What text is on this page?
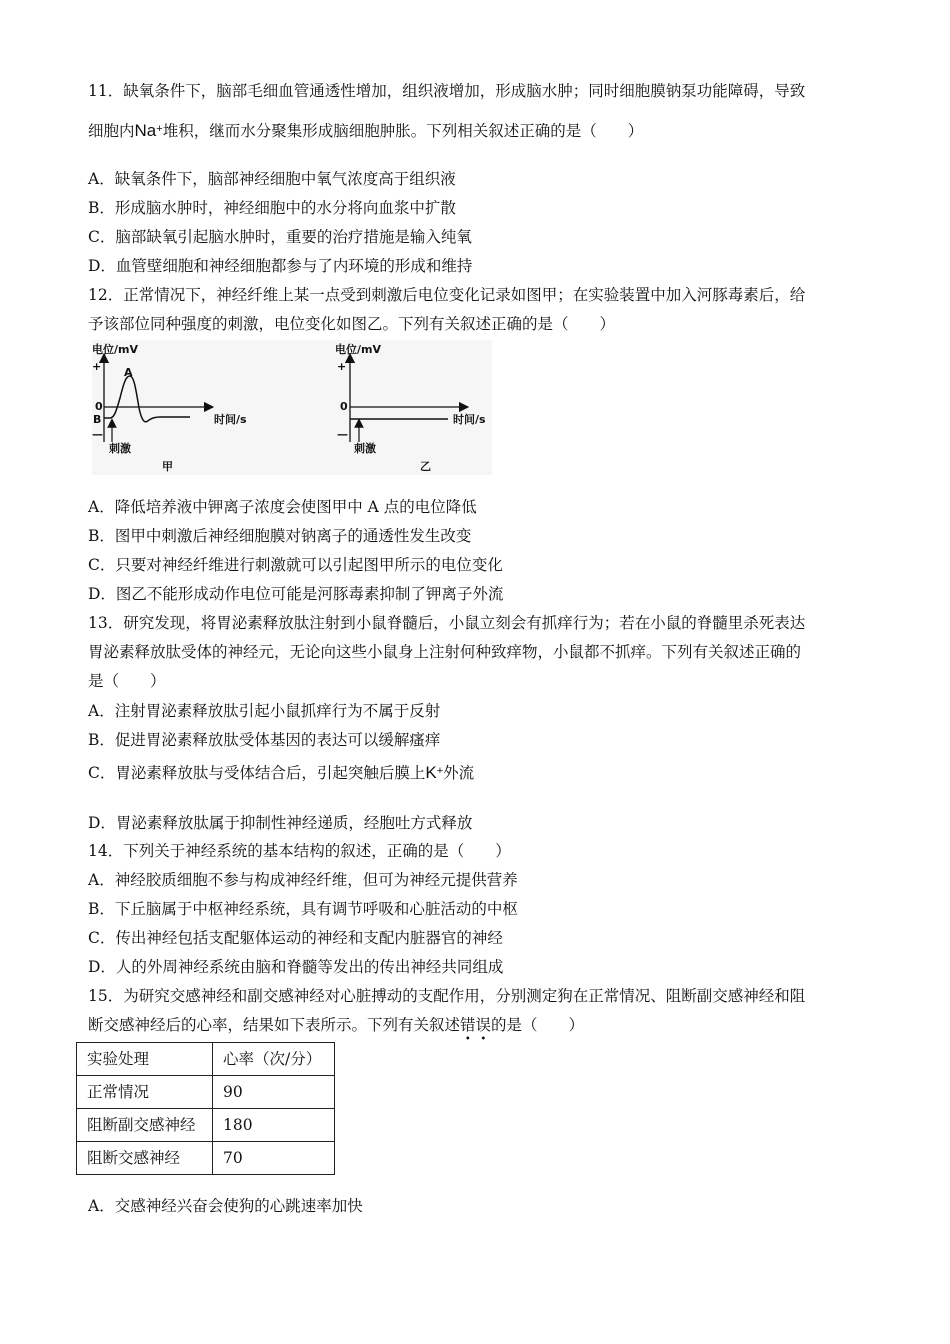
11．缺氧条件下，脑部毛细血管通透性增加，组织液增加，形成脑水肿；同时细胞膜钠泵功能障碍，导致
细胞内Na+堆积，继而水分聚集形成脑细胞肿胀。下列相关叙述正确的是（　　）
A．缺氧条件下，脑部神经细胞中氧气浓度高于组织液
B．形成脑水肿时，神经细胞中的水分将向血浆中扩散
C．脑部缺氧引起脑水肿时，重要的治疗措施是输入纯氧
D．血管壁细胞和神经细胞都参与了内环境的形成和维持
12．正常情况下，神经纤维上某一点受到刺激后电位变化记录如图甲；在实验装置中加入河豚毒素后，给
予该部位同种强度的刺激，电位变化如图乙。下列有关叙述正确的是（　　）
电位/mV
+
—
0
B
A
刺激
时间/s
甲
电位/mV
+
—
0
刺激
时间/s
乙
A．降低培养液中钾离子浓度会使图甲中 A 点的电位降低
B．图甲中刺激后神经细胞膜对钠离子的通透性发生改变
C．只要对神经纤维进行刺激就可以引起图甲所示的电位变化
D．图乙不能形成动作电位可能是河豚毒素抑制了钾离子外流
13．研究发现，将胃泌素释放肽注射到小鼠脊髓后，小鼠立刻会有抓痒行为；若在小鼠的脊髓里杀死表达
胃泌素释放肽受体的神经元，无论向这些小鼠身上注射何种致痒物，小鼠都不抓痒。下列有关叙述正确的
是（　　）
A．注射胃泌素释放肽引起小鼠抓痒行为不属于反射
B．促进胃泌素释放肽受体基因的表达可以缓解瘙痒
C．胃泌素释放肽与受体结合后，引起突触后膜上K+外流
D．胃泌素释放肽属于抑制性神经递质，经胞吐方式释放
14．下列关于神经系统的基本结构的叙述，正确的是（　　）
A．神经胶质细胞不参与构成神经纤维，但可为神经元提供营养
B．下丘脑属于中枢神经系统，具有调节呼吸和心脏活动的中枢
C．传出神经包括支配躯体运动的神经和支配内脏器官的神经
D．人的外周神经系统由脑和脊髓等发出的传出神经共同组成
15．为研究交感神经和副交感神经对心脏搏动的支配作用，分别测定狗在正常情况、阻断副交感神经和阻
断交感神经后的心率，结果如下表所示。下列有关叙述错
•
误
•
的是（　　）
实验处理	心率（次/分）
正常情况	90
阻断副交感神经	180
阻断交感神经	70
A．交感神经兴奋会使狗的心跳速率加快
